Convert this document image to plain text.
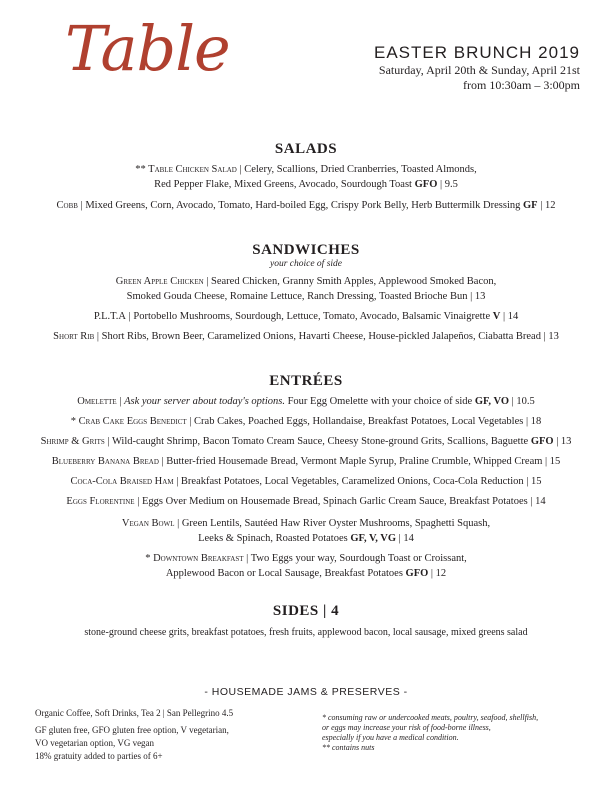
Table	EASTER BRUNCH 2019
Saturday, April 20th & Sunday, April 21st
from 10:30am – 3:00pm
SALADS
** Table Chicken Salad | Celery, Scallions, Dried Cranberries, Toasted Almonds,
Red Pepper Flake, Mixed Greens, Avocado, Sourdough Toast GFO | 9.5
Cobb | Mixed Greens, Corn, Avocado, Tomato, Hard-boiled Egg, Crispy Pork Belly, Herb Buttermilk Dressing GF | 12
SANDWICHES
your choice of side
Green Apple Chicken | Seared Chicken, Granny Smith Apples, Applewood Smoked Bacon,
Smoked Gouda Cheese, Romaine Lettuce, Ranch Dressing, Toasted Brioche Bun | 13
P.L.T.A | Portobello Mushrooms, Sourdough, Lettuce, Tomato, Avocado, Balsamic Vinaigrette V | 14
Short Rib | Short Ribs, Brown Beer, Caramelized Onions, Havarti Cheese, House-pickled Jalapeños, Ciabatta Bread | 13
ENTRÉES
Omelette | Ask your server about today's options. Four Egg Omelette with your choice of side GF, VO | 10.5
* Crab Cake Eggs Benedict | Crab Cakes, Poached Eggs, Hollandaise, Breakfast Potatoes, Local Vegetables | 18
Shrimp & Grits | Wild-caught Shrimp, Bacon Tomato Cream Sauce, Cheesy Stone-ground Grits, Scallions, Baguette GFO | 13
Blueberry Banana Bread | Butter-fried Housemade Bread, Vermont Maple Syrup, Praline Crumble, Whipped Cream | 15
Coca-Cola Braised Ham | Breakfast Potatoes, Local Vegetables, Caramelized Onions, Coca-Cola Reduction | 15
Eggs Florentine | Eggs Over Medium on Housemade Bread, Spinach Garlic Cream Sauce, Breakfast Potatoes | 14
Vegan Bowl | Green Lentils, Sautéed Haw River Oyster Mushrooms, Spaghetti Squash,
Leeks & Spinach, Roasted Potatoes GF, V, VG | 14
* Downtown Breakfast | Two Eggs your way, Sourdough Toast or Croissant,
Applewood Bacon or Local Sausage, Breakfast Potatoes GFO | 12
SIDES | 4
stone-ground cheese grits, breakfast potatoes, fresh fruits, applewood bacon, local sausage, mixed greens salad
- HOUSEMADE JAMS & PRESERVES -
Organic Coffee, Soft Drinks, Tea 2 | San Pellegrino 4.5
GF gluten free, GFO gluten free option, V vegetarian,
VO vegetarian option, VG vegan
18% gratuity added to parties of 6+
* consuming raw or undercooked meats, poultry, seafood, shellfish,
or eggs may increase your risk of food-borne illness,
especially if you have a medical condition.
** contains nuts
